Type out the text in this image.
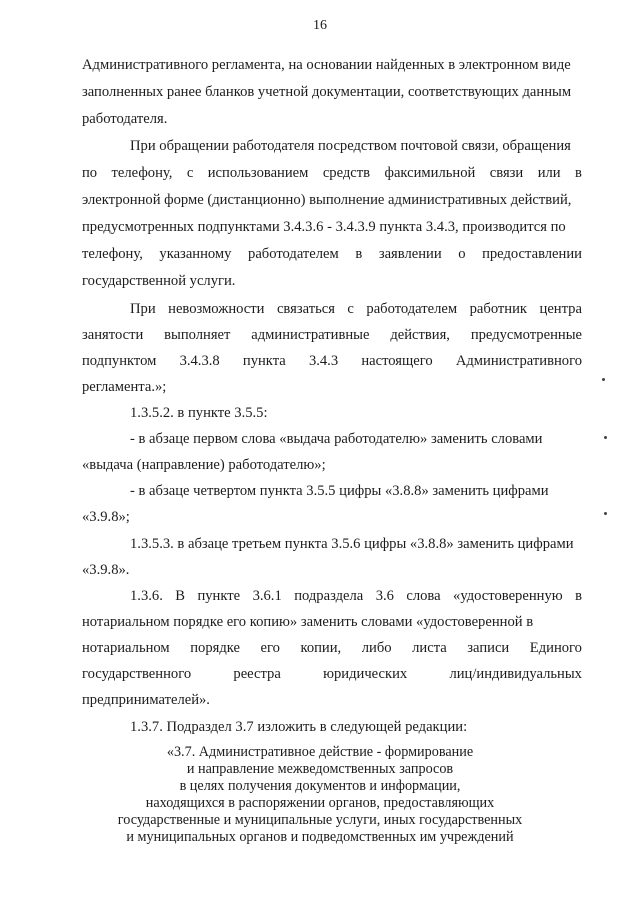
16
Административного регламента, на основании найденных в электронном виде
заполненных ранее бланков учетной документации, соответствующих данным
работодателя.
При обращении работодателя посредством почтовой связи, обращения
по телефону, с использованием средств факсимильной связи или в
электронной форме (дистанционно) выполнение административных действий,
предусмотренных подпунктами 3.4.3.6 - 3.4.3.9 пункта 3.4.3, производится по
телефону, указанному работодателем в заявлении о предоставлении
государственной услуги.
При невозможности связаться с работодателем работник центра
занятости выполняет административные действия, предусмотренные
подпунктом 3.4.3.8 пункта 3.4.3 настоящего Административного
регламента.»;
1.3.5.2. в пункте 3.5.5:
- в абзаце первом слова «выдача работодателю» заменить словами
«выдача (направление) работодателю»;
- в абзаце четвертом пункта 3.5.5 цифры «3.8.8» заменить цифрами
«3.9.8»;
1.3.5.3. в абзаце третьем пункта 3.5.6 цифры «3.8.8» заменить цифрами
«3.9.8».
1.3.6. В пункте 3.6.1 подраздела 3.6 слова «удостоверенную в
нотариальном порядке его копию» заменить словами «удостоверенной в
нотариальном порядке его копии, либо листа записи Единого
государственного	реестра	юридических	лиц/индивидуальных
предпринимателей».
1.3.7. Подраздел 3.7 изложить в следующей редакции:
«3.7. Административное действие - формирование
и направление межведомственных запросов
в целях получения документов и информации,
находящихся в распоряжении органов, предоставляющих
государственные и муниципальные услуги, иных государственных
и муниципальных органов и подведомственных им учреждений
